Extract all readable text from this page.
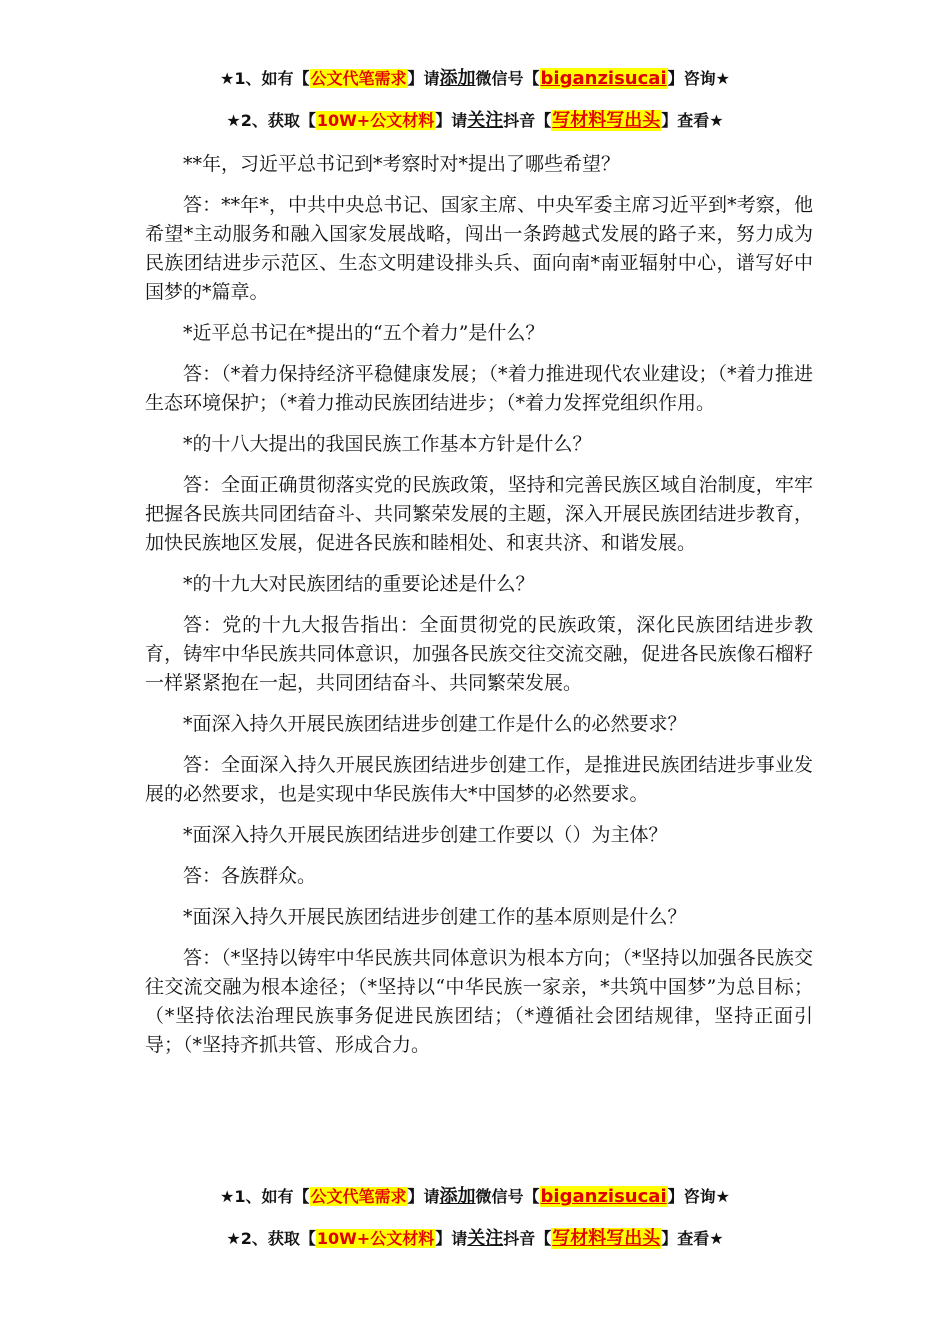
★1、如有【公文代笔需求】请添加微信号【biganzisucai】咨询★
★2、获取【10W+公文材料】请关注抖音【写材料写出头】查看★

**年，习近平总书记到*考察时对*提出了哪些希望？

答：**年*，中共中央总书记、国家主席、中央军委主席习近平到*考察，他希望*主动服务和融入国家发展战略，闯出一条跨越式发展的路子来，努力成为民族团结进步示范区、生态文明建设排头兵、面向南*南亚辐射中心，谱写好中国梦的*篇章。

*近平总书记在*提出的“五个着力”是什么？

答：（*着力保持经济平稳健康发展；（*着力推进现代农业建设；（*着力推进生态环境保护；（*着力推动民族团结进步；（*着力发挥党组织作用。

*的十八大提出的我国民族工作基本方针是什么？

答：全面正确贯彻落实党的民族政策，坚持和完善民族区域自治制度，牢牢把握各民族共同团结奋斗、共同繁荣发展的主题，深入开展民族团结进步教育，加快民族地区发展，促进各民族和睦相处、和衷共济、和谐发展。

*的十九大对民族团结的重要论述是什么？

答：党的十九大报告指出：全面贯彻党的民族政策，深化民族团结进步教育，铸牢中华民族共同体意识，加强各民族交往交流交融，促进各民族像石榴籽一样紧紧抱在一起，共同团结奋斗、共同繁荣发展。

*面深入持久开展民族团结进步创建工作是什么的必然要求？

答：全面深入持久开展民族团结进步创建工作，是推进民族团结进步事业发展的必然要求，也是实现中华民族伟大*中国梦的必然要求。

*面深入持久开展民族团结进步创建工作要以（）为主体？

答：各族群众。

*面深入持久开展民族团结进步创建工作的基本原则是什么？

答：（*坚持以铸牢中华民族共同体意识为根本方向；（*坚持以加强各民族交往交流交融为根本途径；（*坚持以“中华民族一家亲，*共筑中国梦”为总目标；（*坚持依法治理民族事务促进民族团结；（*遵循社会团结规律，坚持正面引导；（*坚持齐抓共管、形成合力。

★1、如有【公文代笔需求】请添加微信号【biganzisucai】咨询★
★2、获取【10W+公文材料】请关注抖音【写材料写出头】查看★
